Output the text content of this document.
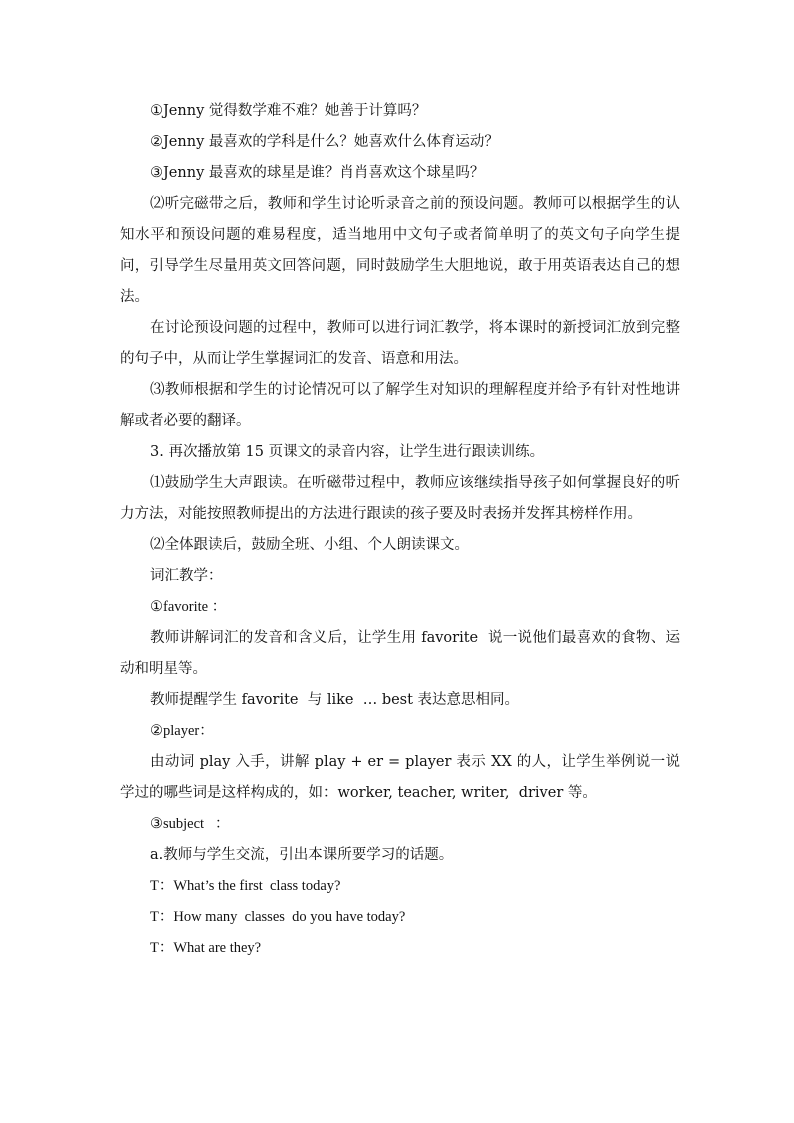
①Jenny 觉得数学难不难？她善于计算吗？

②Jenny 最喜欢的学科是什么？她喜欢什么体育运动？

③Jenny 最喜欢的球星是谁？肖肖喜欢这个球星吗？

⑵听完磁带之后，教师和学生讨论听录音之前的预设问题。教师可以根据学生的认知水平和预设问题的难易程度，适当地用中文句子或者简单明了的英文句子向学生提问，引导学生尽量用英文回答问题，同时鼓励学生大胆地说，敢于用英语表达自己的想法。

在讨论预设问题的过程中，教师可以进行词汇教学，将本课时的新授词汇放到完整的句子中，从而让学生掌握词汇的发音、语意和用法。

⑶教师根据和学生的讨论情况可以了解学生对知识的理解程度并给予有针对性地讲解或者必要的翻译。

3. 再次播放第 15 页课文的录音内容，让学生进行跟读训练。

⑴鼓励学生大声跟读。在听磁带过程中，教师应该继续指导孩子如何掌握良好的听力方法，对能按照教师提出的方法进行跟读的孩子要及时表扬并发挥其榜样作用。

⑵全体跟读后，鼓励全班、小组、个人朗读课文。

词汇教学：

①favorite ：

教师讲解词汇的发音和含义后，让学生用 favorite  说一说他们最喜欢的食物、运动和明星等。

教师提醒学生 favorite  与 like  … best 表达意思相同。

②player：

由动词 play 入手，讲解 play + er = player 表示 XX 的人，让学生举例说一说学过的哪些词是这样构成的，如：worker, teacher, writer,  driver 等。

③subject   ：

a.教师与学生交流，引出本课所要学习的话题。

T：What’s the first  class today?

T：How many  classes  do you have today?

T：What are they?
